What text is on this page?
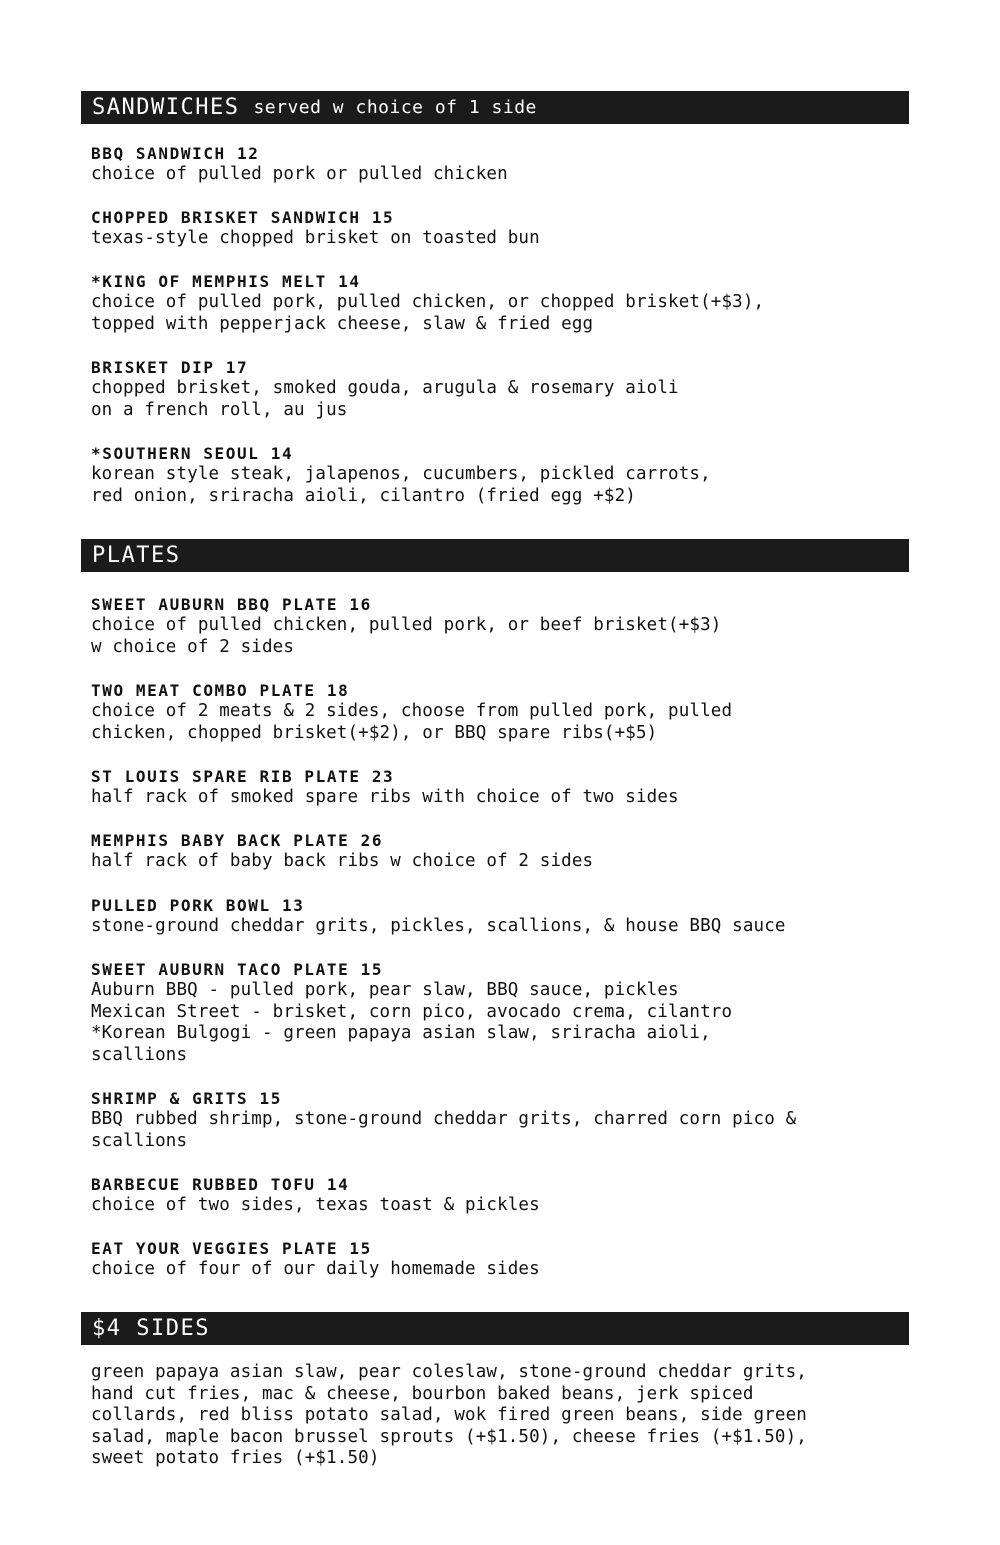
SANDWICHES served w choice of 1 side
BBQ SANDWICH 12
choice of pulled pork or pulled chicken
CHOPPED BRISKET SANDWICH 15
texas-style chopped brisket on toasted bun
*KING OF MEMPHIS MELT 14
choice of pulled pork, pulled chicken, or chopped brisket(+$3),
topped with pepperjack cheese, slaw & fried egg
BRISKET DIP 17
chopped brisket, smoked gouda, arugula & rosemary aioli
on a french roll, au jus
*SOUTHERN SEOUL 14
korean style steak, jalapenos, cucumbers, pickled carrots,
red onion, sriracha aioli, cilantro (fried egg +$2)
PLATES
SWEET AUBURN BBQ PLATE 16
choice of pulled chicken, pulled pork, or beef brisket(+$3)
w choice of 2 sides
TWO MEAT COMBO PLATE 18
choice of 2 meats & 2 sides, choose from pulled pork, pulled
chicken, chopped brisket(+$2), or BBQ spare ribs(+$5)
ST LOUIS SPARE RIB PLATE 23
half rack of smoked spare ribs with choice of two sides
MEMPHIS BABY BACK PLATE 26
half rack of baby back ribs w choice of 2 sides
PULLED PORK BOWL 13
stone-ground cheddar grits, pickles, scallions, & house BBQ sauce
SWEET AUBURN TACO PLATE 15
Auburn BBQ - pulled pork, pear slaw, BBQ sauce, pickles
Mexican Street - brisket, corn pico, avocado crema, cilantro
*Korean Bulgogi - green papaya asian slaw, sriracha aioli,
scallions
SHRIMP & GRITS 15
BBQ rubbed shrimp, stone-ground cheddar grits, charred corn pico &
scallions
BARBECUE RUBBED TOFU 14
choice of two sides, texas toast & pickles
EAT YOUR VEGGIES PLATE 15
choice of four of our daily homemade sides
$4 SIDES
green papaya asian slaw, pear coleslaw, stone-ground cheddar grits,
hand cut fries, mac & cheese, bourbon baked beans, jerk spiced
collards, red bliss potato salad, wok fired green beans, side green
salad, maple bacon brussel sprouts (+$1.50), cheese fries (+$1.50),
sweet potato fries (+$1.50)
